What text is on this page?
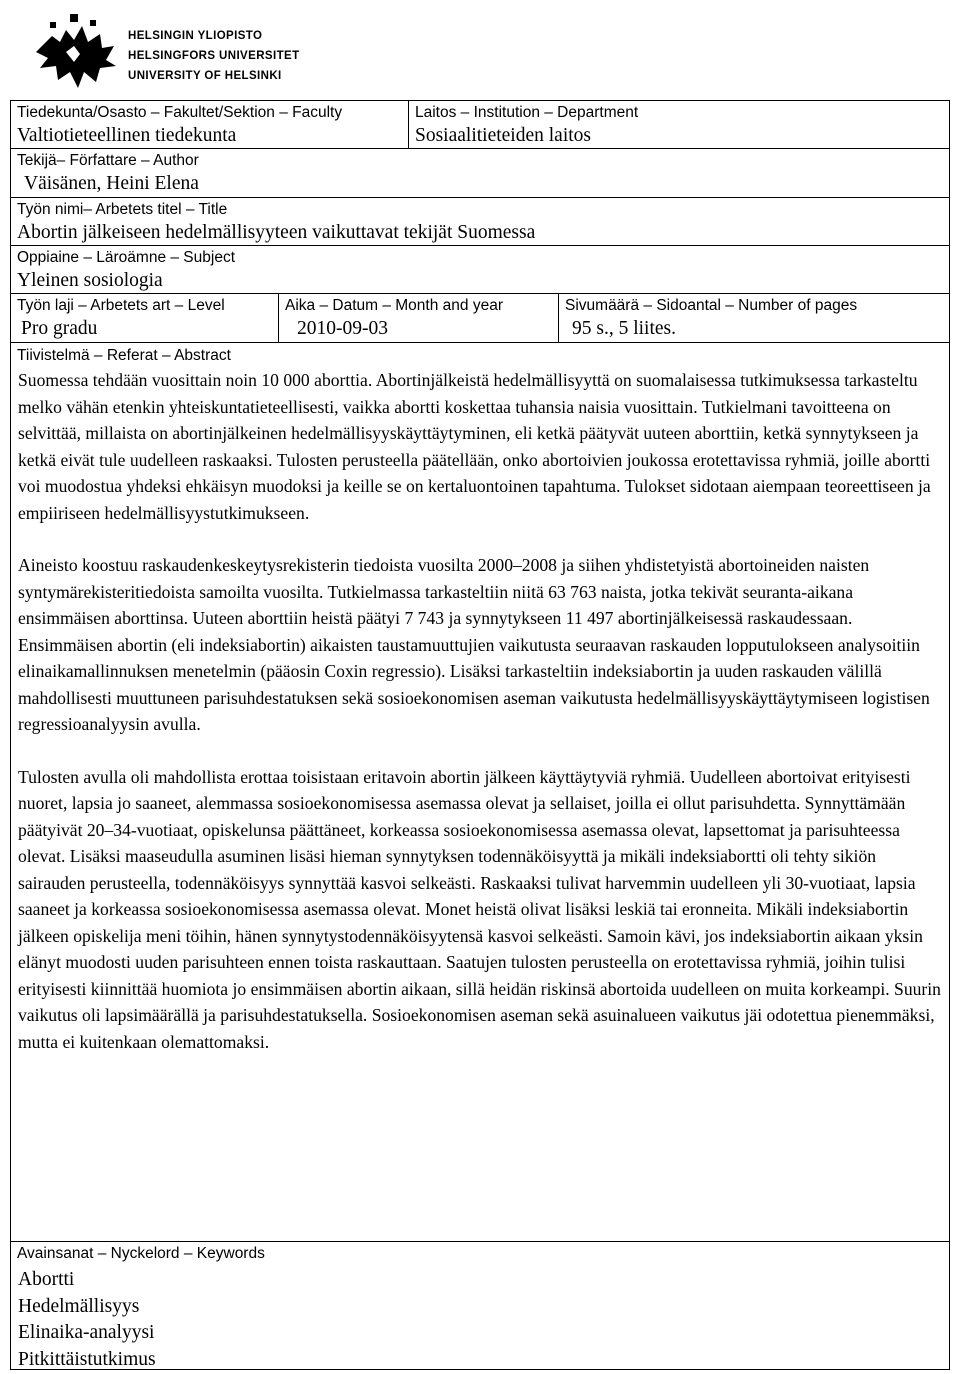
HELSINGIN YLIOPISTO
HELSINGFORS UNIVERSITET
UNIVERSITY OF HELSINKI
Tiedekunta/Osasto – Fakultet/Sektion – Faculty
Valtiotieteellinen tiedekunta
Laitos – Institution – Department
Sosiaalitieteiden laitos
Tekijä– Författare – Author
Väisänen, Heini Elena
Työn nimi– Arbetets titel – Title
Abortin jälkeiseen hedelmällisyyteen vaikuttavat tekijät Suomessa
Oppiaine – Läroämne – Subject
Yleinen sosiologia
Työn laji – Arbetets art – Level
Pro gradu
Aika – Datum – Month and year
2010-09-03
Sivumäärä – Sidoantal – Number of pages
95 s., 5 liites.
Tiivistelmä – Referat – Abstract

Suomessa tehdään vuosittain noin 10 000 aborttia. Abortinjälkeistä hedelmällisyyttä on suomalaisessa tutkimuksessa tarkasteltu melko vähän etenkin yhteiskuntatieteellisesti, vaikka abortti koskettaa tuhansia naisia vuosittain. Tutkielmani tavoitteena on selvittää, millaista on abortinjälkeinen hedelmällisyyskäyttäytyminen, eli ketkä päätyvät uuteen aborttiin, ketkä synnytykseen ja ketkä eivät tule uudelleen raskaaksi. Tulosten perusteella päätellään, onko abortoivien joukossa erotettavissa ryhmiä, joille abortti voi muodostua yhdeksi ehkäisyn muodoksi ja keille se on kertaluontoinen tapahtuma. Tulokset sidotaan aiempaan teoreettiseen ja empiiriseen hedelmällisyystutkimukseen.

Aineisto koostuu raskaudenkeskeytysrekisterin tiedoista vuosilta 2000–2008 ja siihen yhdistetyistä abortoineiden naisten syntymärekisteritiedoista samoilta vuosilta. Tutkielmassa tarkasteltiin niitä 63 763 naista, jotka tekivät seuranta-aikana ensimmäisen aborttinsa. Uuteen aborttiin heistä päätyi 7 743 ja synnytykseen 11 497 abortinjälkeisessä raskaudessaan. Ensimmäisen abortin (eli indeksiabortin) aikaisten taustamuuttujien vaikutusta seuraavan raskauden lopputulokseen analysoitiin elinaikamallinnuksen menetelmin (pääosin Coxin regressio). Lisäksi tarkasteltiin indeksiabortin ja uuden raskauden välillä mahdollisesti muuttuneen parisuhdestatuksen sekä sosioekonomisen aseman vaikutusta hedelmällisyyskäyttäytymiseen logistisen regressioanalyysin avulla.

Tulosten avulla oli mahdollista erottaa toisistaan eritavoin abortin jälkeen käyttäytyviä ryhmiä. Uudelleen abortoivat erityisesti nuoret, lapsia jo saaneet, alemmassa sosioekonomisessa asemassa olevat ja sellaiset, joilla ei ollut parisuhdetta. Synnyttämään päätyivät 20–34-vuotiaat, opiskelunsa päättäneet, korkeassa sosioekonomisessa asemassa olevat, lapsettomat ja parisuhteessa olevat. Lisäksi maaseudulla asuminen lisäsi hieman synnytyksen todennäköisyyttä ja mikäli indeksiabortti oli tehty sikiön sairauden perusteella, todennäköisyys synnyttää kasvoi selkeästi. Raskaaksi tulivat harvemmin uudelleen yli 30-vuotiaat, lapsia saaneet ja korkeassa sosioekonomisessa asemassa olevat. Monet heistä olivat lisäksi leskiä tai eronneita. Mikäli indeksiabortin jälkeen opiskelija meni töihin, hänen synnytystodennäköisyytensä kasvoi selkeästi. Samoin kävi, jos indeksiabortin aikaan yksin elänyt muodosti uuden parisuhteen ennen toista raskauttaan. Saatujen tulosten perusteella on erotettavissa ryhmiä, joihin tulisi erityisesti kiinnittää huomiota jo ensimmäisen abortin aikaan, sillä heidän riskinsä abortoida uudelleen on muita korkeampi. Suurin vaikutus oli lapsimäärällä ja parisuhdestatuksella. Sosioekonomisen aseman sekä asuinalueen vaikutus jäi odotettua pienemmäksi, mutta ei kuitenkaan olemattomaksi.

Avainsanat – Nyckelord – Keywords
Abortti
Hedelmällisyys
Elinaika-analyysi
Pitkittäistutkimus
